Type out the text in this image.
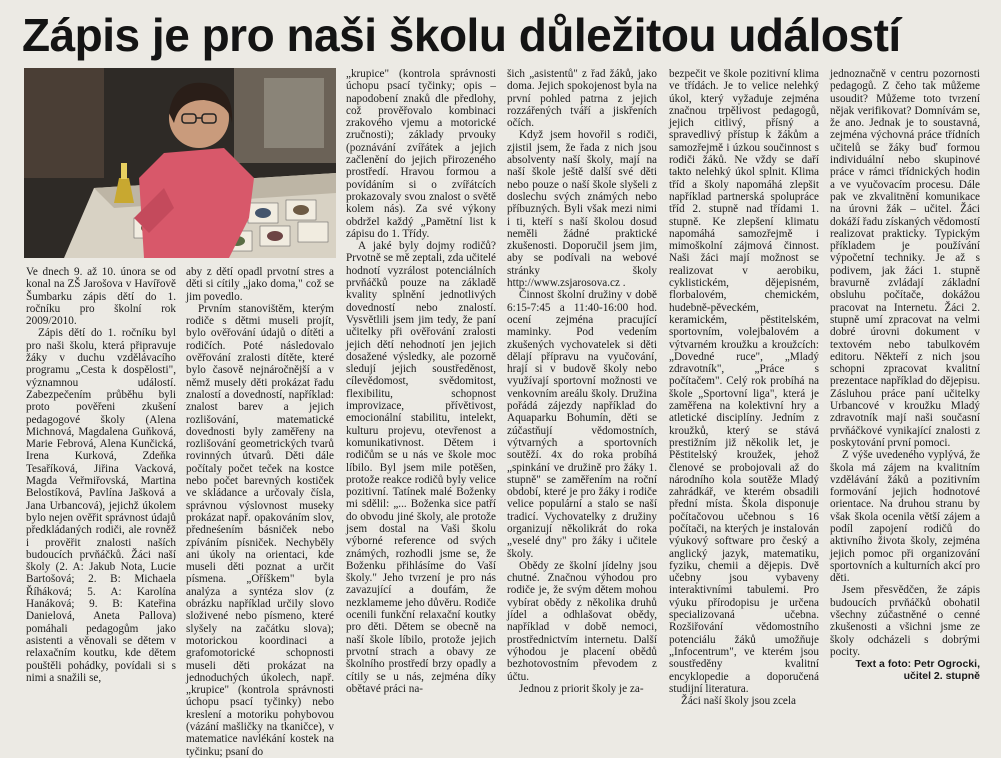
Zápis je pro naši školu důležitou událostí

Ve dnech 9. až 10. února se od konal na ZŠ Jarošova v Havířově Šumbarku zápis dětí do 1. ročníku pro školní rok 2009/2010.

Zápis dětí do 1. ročníku byl pro naši školu, která připravuje žáky v duchu vzdělávacího programu „Cesta k dospělosti", významnou událostí. Zabezpečením průběhu byli proto pověřeni zkušení pedagogové školy (Alena Michnová, Magdalena Guňková, Marie Febrová, Alena Kunčická, Irena Kurková, Zdeňka Tesaříková, Jiřina Vacková, Magda Veřmiřovská, Martina Belostíková, Pavlína Jašková a Jana Urbancová), jejichž úkolem bylo nejen ověřit správnost údajů předkládaných rodiči, ale rovněž i prověřit znalosti naších budoucích prvňáčků. Žáci naší školy (2. A: Jakub Nota, Lucie Bartošová; 2. B: Michaela Říháková; 5. A: Karolína Hanáková; 9. B: Kateřina Danielová, Aneta Pallova) pomáhali pedagogům jako asistenti a věnovali se dětem v relaxačním koutku, kde dětem pouštěli pohádky, povídali si s nimi a snažili se,

aby z dětí opadl prvotní stres a děti si cítily „jako doma," což se jim povedlo.

Prvním stanovištěm, kterým rodiče s dětmi museli projít, bylo ověřování údajů o dítěti a rodičích. Poté následovalo ověřování zralosti dítěte, které bylo časově nejnáročnější a v němž musely děti prokázat řadu znalostí a dovedností, například: znalost barev a jejich rozlišování, matematické dovednosti byly zaměřeny na rozlišování geometrických tvarů rovinných útvarů. Děti dále počítaly počet teček na kostce nebo počet barevných kostiček ve skládance a určovaly čísla, správnou výslovnost museky prokázat např. opakováním slov, předneśením básniček nebo zpíváním písniček. Nechyběly ani úkoly na orientaci, kde museli děti poznat a určit písmena. „Oříškem" byla analýza a syntéza slov (z obrázku například určily slovo složivené nebo písmeno, které slyšely na začátku slova); motorickou koordinaci a grafomotorické schopnosti museli děti prokázat na jednoduchých úkolech, např. „krupice" (kontrola správnosti úchopu psací tyčinky) nebo kreslení a motoriku pohybovou (vázání mašličky na tkaničce), v matematice navlékání kostek na tyčinku; psaní do

„krupice" (kontrola správnosti úchopu psací tyčinky; opis – napodobení znaků dle předlohy, což prověřovalo kombinaci zrakového vjemu a motorické zručnosti); základy prvouky (poznávání zvířátek a jejich začlenění do jejich přirozeného prostředí. Hravou formou a povídáním si o zvířátcích prokazovaly svou znalost o světě kolem nás). Za své výkony obdržel každý „Pamětní list k zápisu do 1. Třídy.

A jaké byly dojmy rodičů? Prvotně se mě zeptali, zda učitelé hodnotí vyzrálost potenciálních prvňáčků pouze na základě kvality splnění jednotlivých dovedností nebo znalostí. Vysvětlili jsem jim tedy, že paní učitelky při ověřování zralosti jejich dětí nehodnotí jen jejich dosažené výsledky, ale pozorně sledují jejich soustředěnost, cílevědomost, svědomitost, flexibilitu, schopnost improvizace, přívětivost, emocionální stabilitu, intelekt, kulturu projevu, otevřenost a komunikativnost. Dětem i rodičům se u nás ve škole moc líbilo. Byl jsem mile potěšen, protože reakce rodičů byly velice pozitivní. Tatínek malé Boženky mi sdělil: „... Boženka sice patří do obvodu jiné školy, ale protože jsem dostal na Vaši školu výborné reference od svých známých, rozhodli jsme se, že Boženku přihlásíme do Vaší školy." Jeho tvrzení je pro nás zavazující a doufám, že nezklameme jeho důvěru. Rodiče ocenili funkční relaxační koutky pro děti. Dětem se obecně na naší škole líbilo, protože jejich prvotní strach a obavy ze školního prostředí brzy opadly a cítily se u nás, zejména díky obětavé práci na-

šich „asistentů" z řad žáků, jako doma. Jejich spokojenost byla na první pohled patrna z jejich rozzářených tváří a jiskřeních očích.

Když jsem hovořil s rodiči, zjistil jsem, že řada z nich jsou absolventy naší školy, mají na naší škole ještě další své děti nebo pouze o naší škole slyšeli z doslechu svých známých nebo příbuzných. Byli však mezi nimi i ti, kteří s naší školou dosud neměli žádné praktické zkušenosti. Doporučil jsem jim, aby se podívali na webové stránky školy http://www.zsjarosova.cz .

Činnost školní družiny v době 6:15-7:45 a 11:40-16:00 hod. ocení zejména pracující maminky. Pod vedením zkušených vychovatelek si děti dělají přípravu na vyučování, hrají si v budově školy nebo využívají sportovní možnosti ve venkovním areálu školy. Družina pořádá zájezdy například do Aquaparku Bohumín, děti se zúčastňují vědomostních, výtvarných a sportovních soutěží. 4x do roka probíhá „spinkání ve družině pro žáky 1. stupně" se zaměřením na roční období, které je pro žáky i rodiče velice populární a stalo se naší tradicí. Vychovatelky z družiny organizují několikrát do roka „veselé dny" pro žáky i učitele školy.

Obědy ze školní jídelny jsou chutné. Značnou výhodou pro rodiče je, že svým dětem mohou vybírat obědy z několika druhů jídel a odhlašovat obědy, například v době nemoci, prostřednictvím internetu. Další výhodou je placení obědů bezhotovostním převodem z účtu.

Jednou z priorit školy je za-

bezpečit ve škole pozitivní klima ve třídách. Je to velice nelehký úkol, který vyžaduje zejména značnou trpělivost pedagogů, jejich citlivý, přísný a spravedlivý přístup k žákům a samozřejmě i úzkou součinnost s rodiči žáků. Ne vždy se daří takto nelehký úkol splnit. Klima tříd a školy napomáhá zlepšit například partnerská spolupráce tříd 2. stupně nad třídami 1. stupně. Ke zlepšení klimatu napomáhá samozřejmě i mimoškolní zájmová činnost. Naši žáci mají možnost se realizovat v aerobiku, cyklistickém, dějepisném, florbalovém, chemickém, hudebně-pěveckém, keramickém, pěstitelském, sportovním, volejbalovém a výtvarném kroužku a kroužcích: „Dovedné ruce", „Mladý zdravotník", „Práce s počítačem". Celý rok probíhá na škole „Sportovní liga", která je zaměřena na kolektivní hry a atletické disciplíny. Jedním z kroužků, který se stává prestižním již několik let, je Pěstitelský kroužek, jehož členové se probojovali až do národního kola soutěže Mladý zahrádkář, ve kterém obsadili přední místa. Škola disponuje počítačovou učebnou s 16 počítači, na kterých je instalován výukový software pro český a anglický jazyk, matematiku, fyziku, chemii a dějepis. Dvě učebny jsou vybaveny interaktivními tabulemi. Pro výuku přírodopisu je určena specializovaná učebna. Rozšiřování vědomostního potenciálu žáků umožňuje „Infocentrum", ve kterém jsou soustředěny kvalitní encyklopedie a doporučená studijní literatura.

Žáci naší školy jsou zcela

jednoznačně v centru pozornosti pedagogů. Z čeho tak můžeme usoudit? Můžeme toto tvrzení nějak verifikovat? Domnívám se, že ano. Jednak je to soustavná, zejména výchovná práce třídních učitelů se žáky buď formou individuální nebo skupinové práce v rámci třídnických hodin a ve vyučovacím procesu. Dále pak ve zkvalitnění komunikace na úrovni žák – učitel. Žáci dokáží řadu získaných vědomostí realizovat prakticky. Typickým příkladem je používání výpočetní techniky. Je až s podivem, jak žáci 1. stupně bravurně zvládají základní obsluhu počítače, dokážou pracovat na Internetu. Žáci 2. stupně umí zpracovat na velmi dobré úrovni dokument v textovém nebo tabulkovém editoru. Někteří z nich jsou schopni zpracovat kvalitní prezentace například do dějepisu. Zásluhou práce paní učitelky Urbancové v kroužku Mladý zdravotník mají naši současní prvňáčkové vynikající znalosti z poskytování první pomoci.

Z výše uvedeného vyplývá, že škola má zájem na kvalitním vzdělávání žáků a pozitivním formování jejich hodnotové orientace. Na druhou stranu by však škola ocenila větší zájem a podíl zapojení rodičů do aktivního života školy, zejména jejich pomoc při organizování sportovních a kulturních akcí pro děti.

Jsem přesvědčen, že zápis budoucích prvňáčků obohatil všechny zúčastněné o cenné zkušenosti a všichni jsme ze školy odcházeli s dobrými pocity.

Text a foto: Petr Ogrocki, učitel 2. stupně
